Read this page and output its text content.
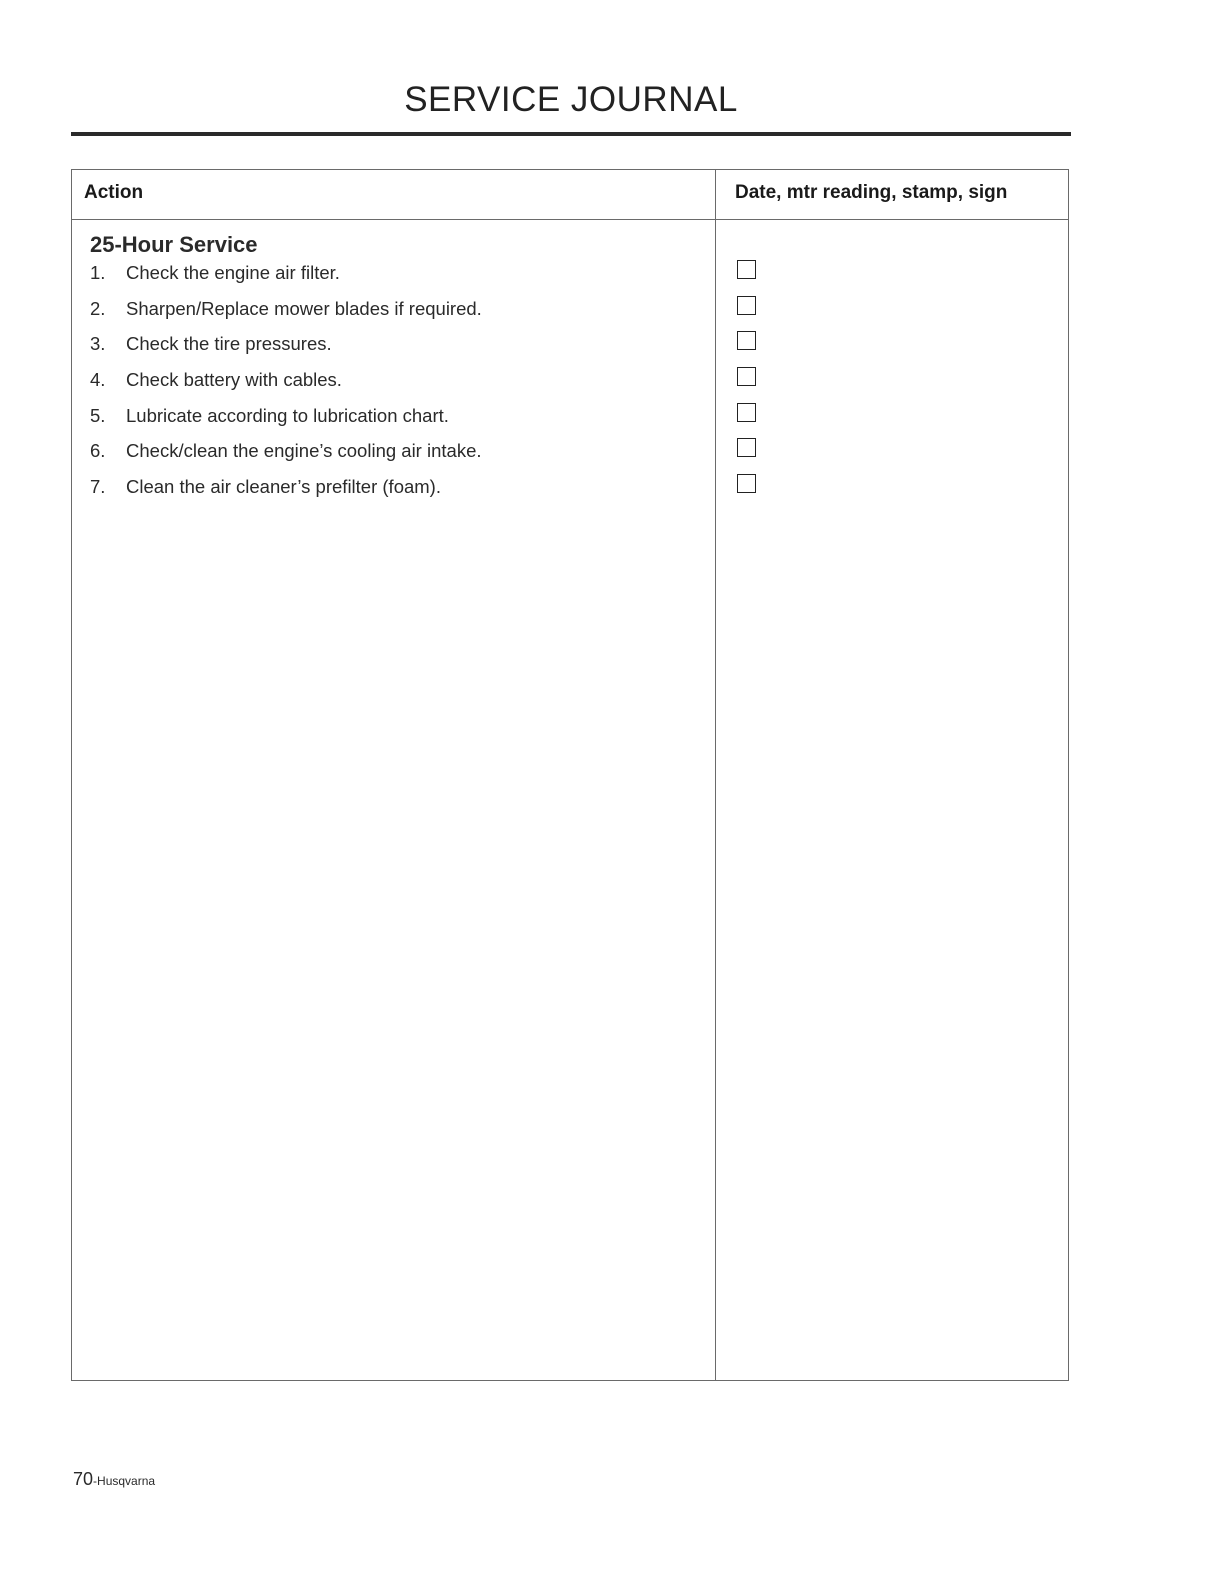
SERVICE JOURNAL
Action	Date, mtr reading, stamp, sign
25-Hour Service
1. Check the engine air filter.
2. Sharpen/Replace mower blades if required.
3. Check the tire pressures.
4. Check battery with cables.
5. Lubricate according to lubrication chart.
6. Check/clean the engine’s cooling air intake.
7. Clean the air cleaner’s prefilter (foam).
70-Husqvarna
